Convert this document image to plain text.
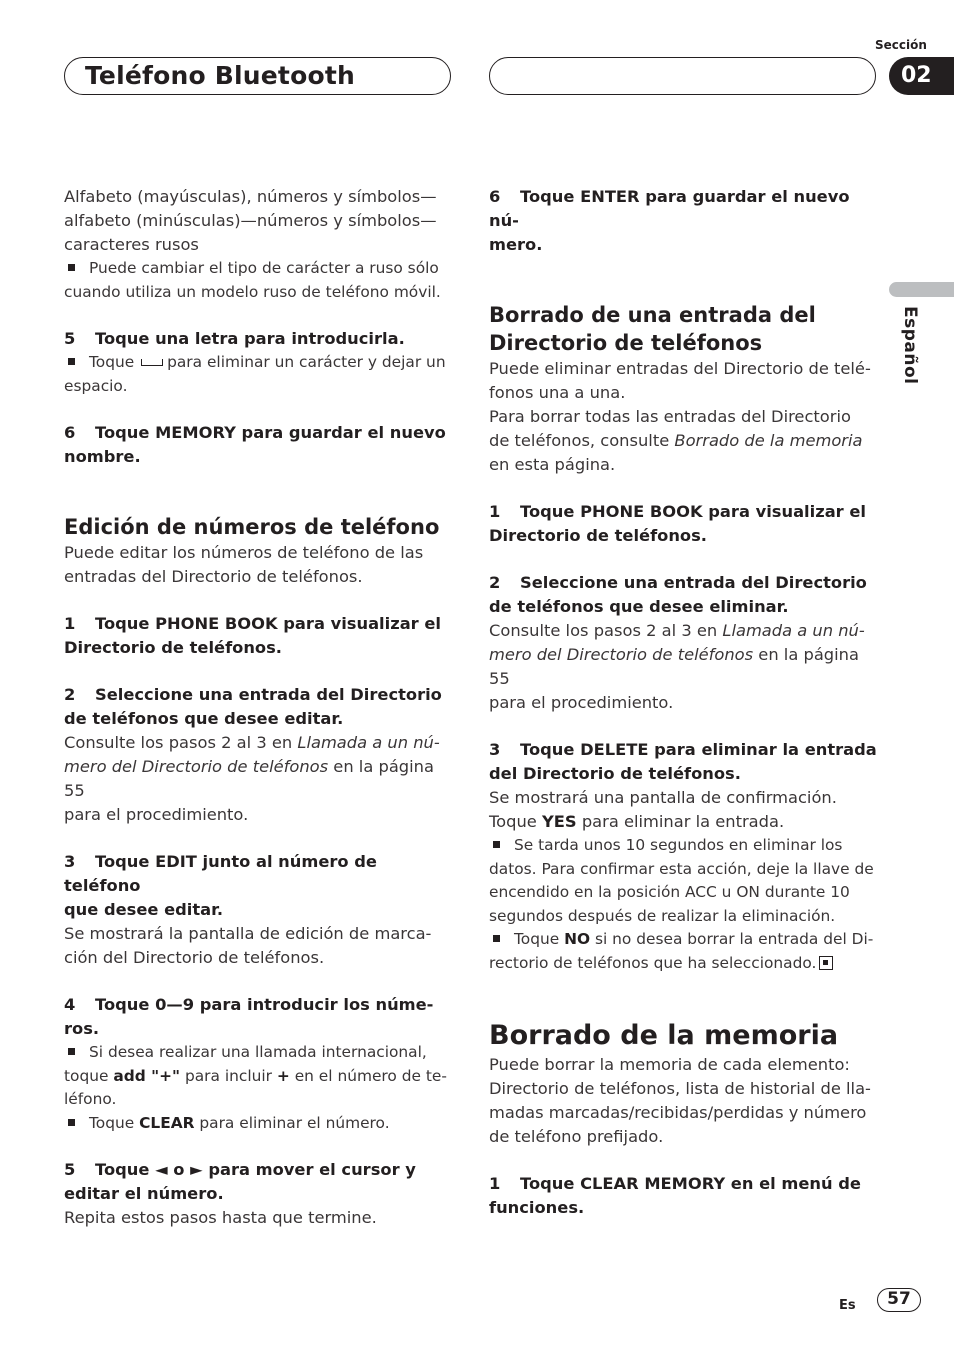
Teléfono Bluetooth
Sección
02
Español

Alfabeto (mayúsculas), números y símbolos—
alfabeto (minúsculas)—números y símbolos—
caracteres rusos

Puede cambiar el tipo de carácter a ruso sólo
cuando utiliza un modelo ruso de teléfono móvil.

5 Toque una letra para introducirla.

Toque para eliminar un carácter y dejar un
espacio.

6 Toque MEMORY para guardar el nuevo
nombre.

Edición de números de teléfono

Puede editar los números de teléfono de las
entradas del Directorio de teléfonos.

1 Toque PHONE BOOK para visualizar el
Directorio de teléfonos.

2 Seleccione una entrada del Directorio
de teléfonos que desee editar.

Consulte los pasos 2 al 3 en Llamada a un nú-
mero del Directorio de teléfonos en la página 55
para el procedimiento.

3 Toque EDIT junto al número de teléfono
que desee editar.

Se mostrará la pantalla de edición de marca-
ción del Directorio de teléfonos.

4 Toque 0—9 para introducir los núme-
ros.

Si desea realizar una llamada internacional,
toque add "+" para incluir + en el número de te-
léfono.

Toque CLEAR para eliminar el número.

5 Toque ◄ o ► para mover el cursor y
editar el número.

Repita estos pasos hasta que termine.

6 Toque ENTER para guardar el nuevo nú-
mero.

Borrado de una entrada del
Directorio de teléfonos

Puede eliminar entradas del Directorio de telé-
fonos una a una.

Para borrar todas las entradas del Directorio
de teléfonos, consulte Borrado de la memoria
en esta página.

1 Toque PHONE BOOK para visualizar el
Directorio de teléfonos.

2 Seleccione una entrada del Directorio
de teléfonos que desee eliminar.

Consulte los pasos 2 al 3 en Llamada a un nú-
mero del Directorio de teléfonos en la página 55
para el procedimiento.

3 Toque DELETE para eliminar la entrada
del Directorio de teléfonos.

Se mostrará una pantalla de confirmación.
Toque YES para eliminar la entrada.

Se tarda unos 10 segundos en eliminar los
datos. Para confirmar esta acción, deje la llave de
encendido en la posición ACC u ON durante 10
segundos después de realizar la eliminación.

Toque NO si no desea borrar la entrada del Di-
rectorio de teléfonos que ha seleccionado.

Borrado de la memoria

Puede borrar la memoria de cada elemento:
Directorio de teléfonos, lista de historial de lla-
madas marcadas/recibidas/perdidas y número
de teléfono prefijado.

1 Toque CLEAR MEMORY en el menú de
funciones.

Es	57
